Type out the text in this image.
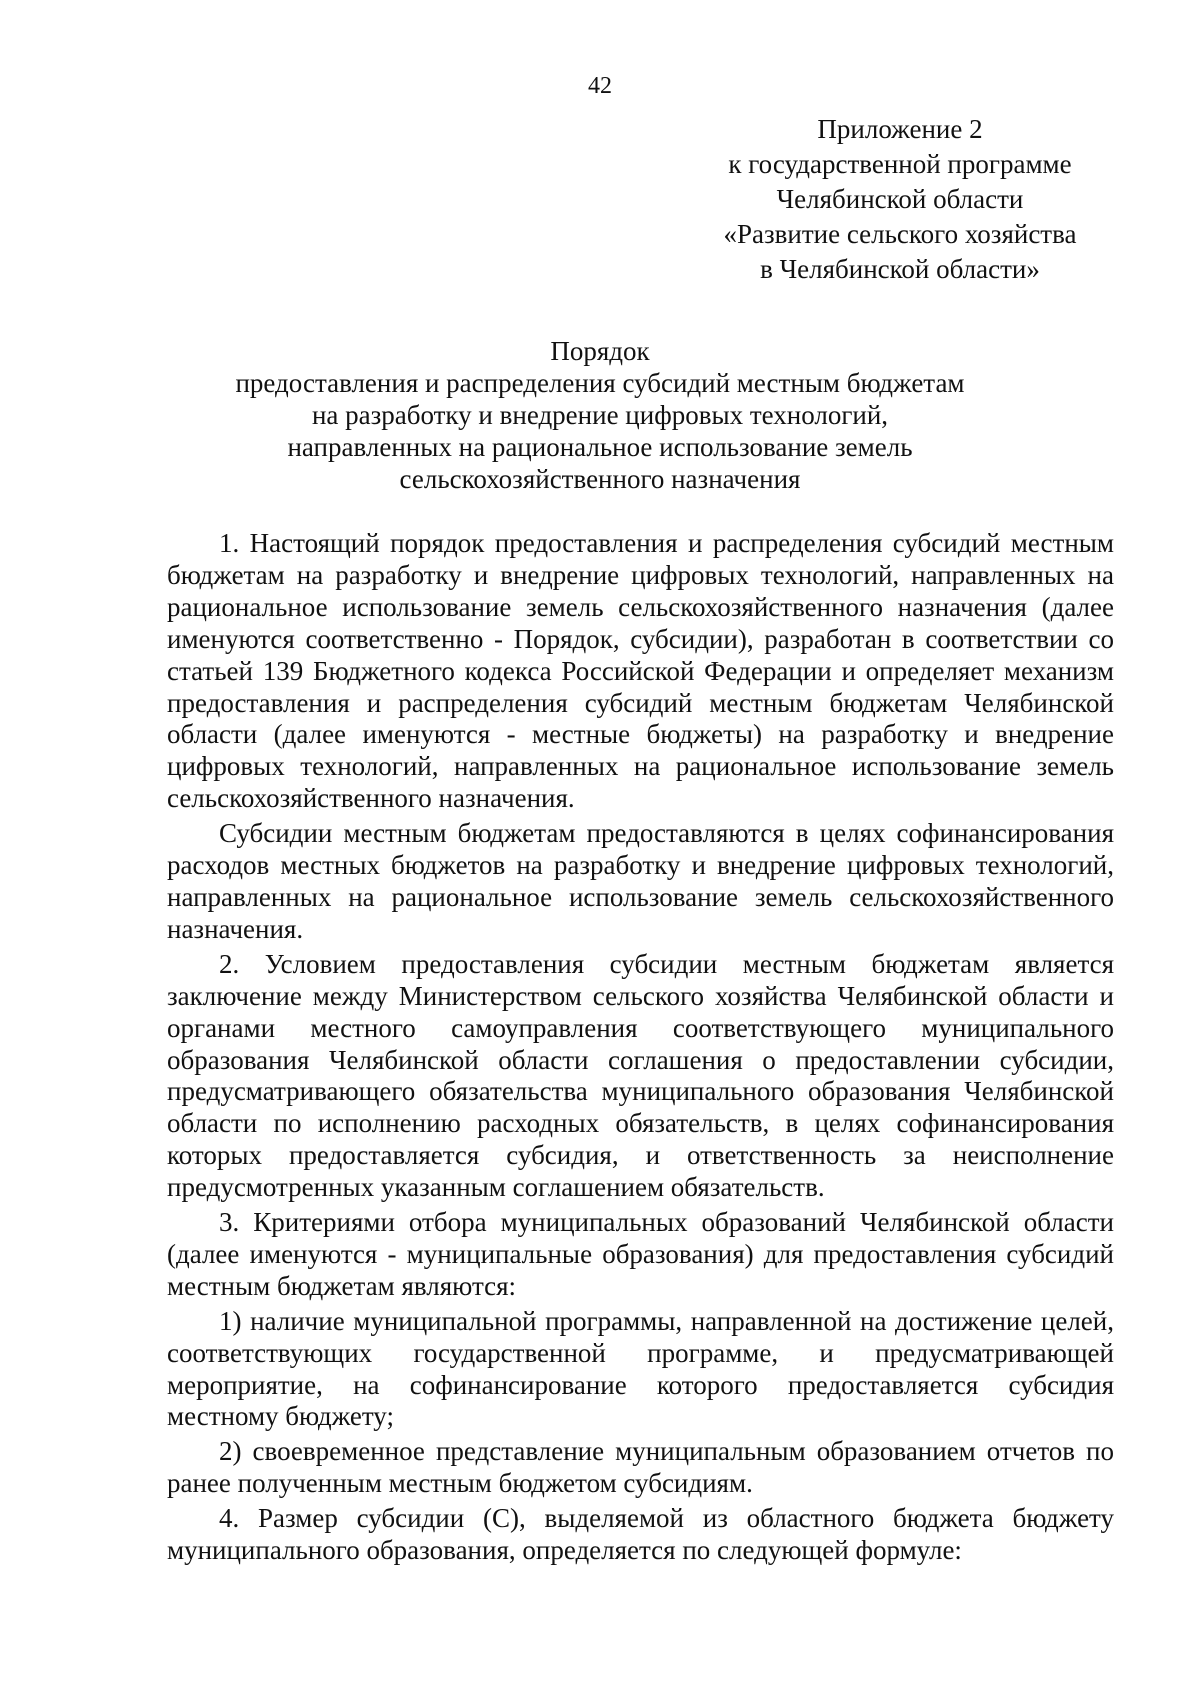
42
Приложение 2
к государственной программе
Челябинской области
«Развитие сельского хозяйства
в Челябинской области»
Порядок
предоставления и распределения субсидий местным бюджетам
на разработку и внедрение цифровых технологий,
направленных на рациональное использование земель
сельскохозяйственного назначения

1. Настоящий порядок предоставления и распределения субсидий местным бюджетам на разработку и внедрение цифровых технологий, направленных на рациональное использование земель сельскохозяйственного назначения (далее именуются соответственно - Порядок, субсидии), разработан в соответствии со статьей 139 Бюджетного кодекса Российской Федерации и определяет механизм предоставления и распределения субсидий местным бюджетам Челябинской области (далее именуются - местные бюджеты) на разработку и внедрение цифровых технологий, направленных на рациональное использование земель сельскохозяйственного назначения.

Субсидии местным бюджетам предоставляются в целях софинансирования расходов местных бюджетов на разработку и внедрение цифровых технологий, направленных на рациональное использование земель сельскохозяйственного назначения.

2. Условием предоставления субсидии местным бюджетам является заключение между Министерством сельского хозяйства Челябинской области и органами местного самоуправления соответствующего муниципального образования Челябинской области соглашения о предоставлении субсидии, предусматривающего обязательства муниципального образования Челябинской области по исполнению расходных обязательств, в целях софинансирования которых предоставляется субсидия, и ответственность за неисполнение предусмотренных указанным соглашением обязательств.

3. Критериями отбора муниципальных образований Челябинской области (далее именуются - муниципальные образования) для предоставления субсидий местным бюджетам являются:

1) наличие муниципальной программы, направленной на достижение целей, соответствующих государственной программе, и предусматривающей мероприятие, на софинансирование которого предоставляется субсидия местному бюджету;

2) своевременное представление муниципальным образованием отчетов по ранее полученным местным бюджетом субсидиям.

4. Размер субсидии (С), выделяемой из областного бюджета бюджету муниципального образования, определяется по следующей формуле:
